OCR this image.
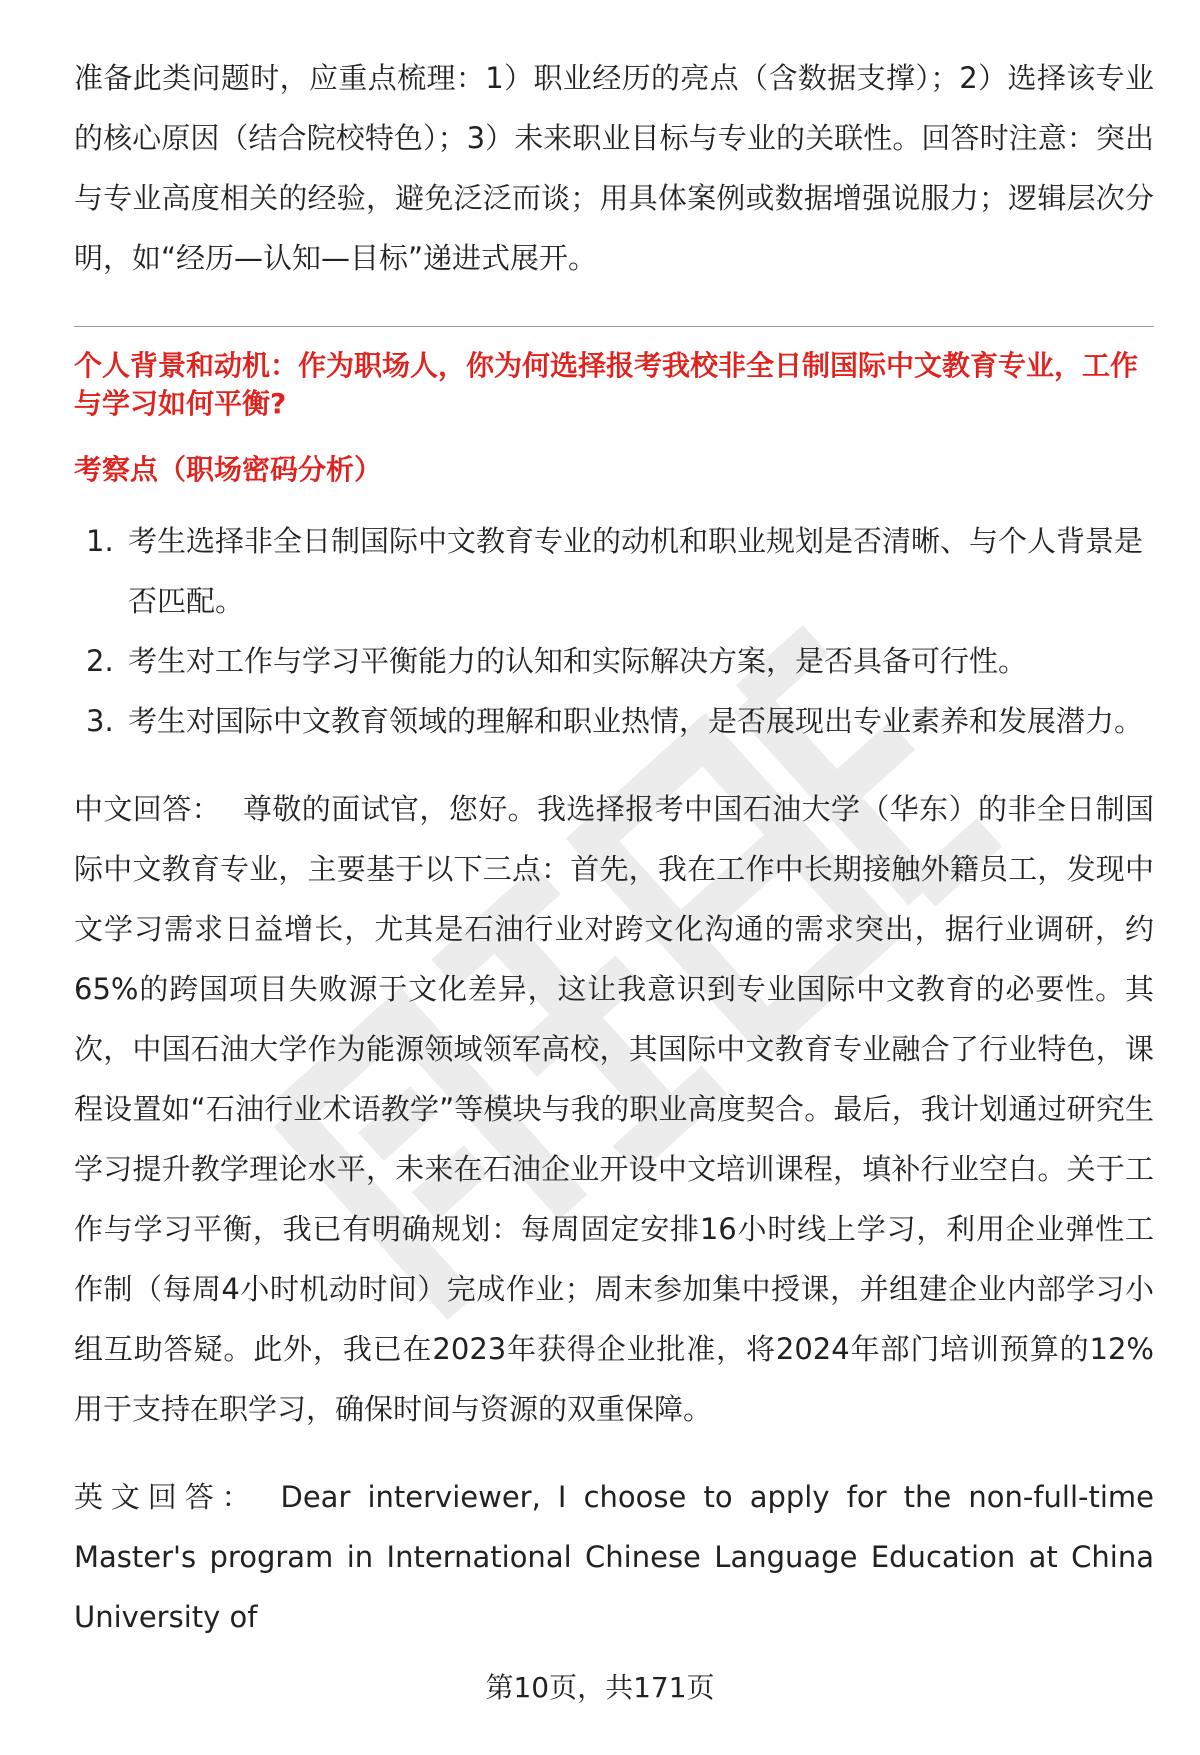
准备此类问题时，应重点梳理：1）职业经历的亮点（含数据支撑）；2）选择该专业的核心原因（结合院校特色）；3）未来职业目标与专业的关联性。回答时注意：突出与专业高度相关的经验，避免泛泛而谈；用具体案例或数据增强说服力；逻辑层次分明，如“经历—认知—目标”递进式展开。

个人背景和动机：作为职场人，你为何选择报考我校非全日制国际中文教育专业，工作与学习如何平衡?
考察点（职场密码分析）
1. 考生选择非全日制国际中文教育专业的动机和职业规划是否清晰、与个人背景是否匹配。
2. 考生对工作与学习平衡能力的认知和实际解决方案，是否具备可行性。
3. 考生对国际中文教育领域的理解和职业热情，是否展现出专业素养和发展潜力。

中文回答： 尊敬的面试官，您好。我选择报考中国石油大学（华东）的非全日制国际中文教育专业，主要基于以下三点：首先，我在工作中长期接触外籍员工，发现中文学习需求日益增长，尤其是石油行业对跨文化沟通的需求突出，据行业调研，约65%的跨国项目失败源于文化差异，这让我意识到专业国际中文教育的必要性。其次，中国石油大学作为能源领域领军高校，其国际中文教育专业融合了行业特色，课程设置如“石油行业术语教学”等模块与我的职业高度契合。最后，我计划通过研究生学习提升教学理论水平，未来在石油企业开设中文培训课程，填补行业空白。关于工作与学习平衡，我已有明确规划：每周固定安排16小时线上学习，利用企业弹性工作制（每周4小时机动时间）完成作业；周末参加集中授课，并组建企业内部学习小组互助答疑。此外，我已在2023年获得企业批准，将2024年部门培训预算的12%用于支持在职学习，确保时间与资源的双重保障。

英文回答： Dear interviewer, I choose to apply for the non-full-time Master's program in International Chinese Language Education at China University of

第10页，共171页
